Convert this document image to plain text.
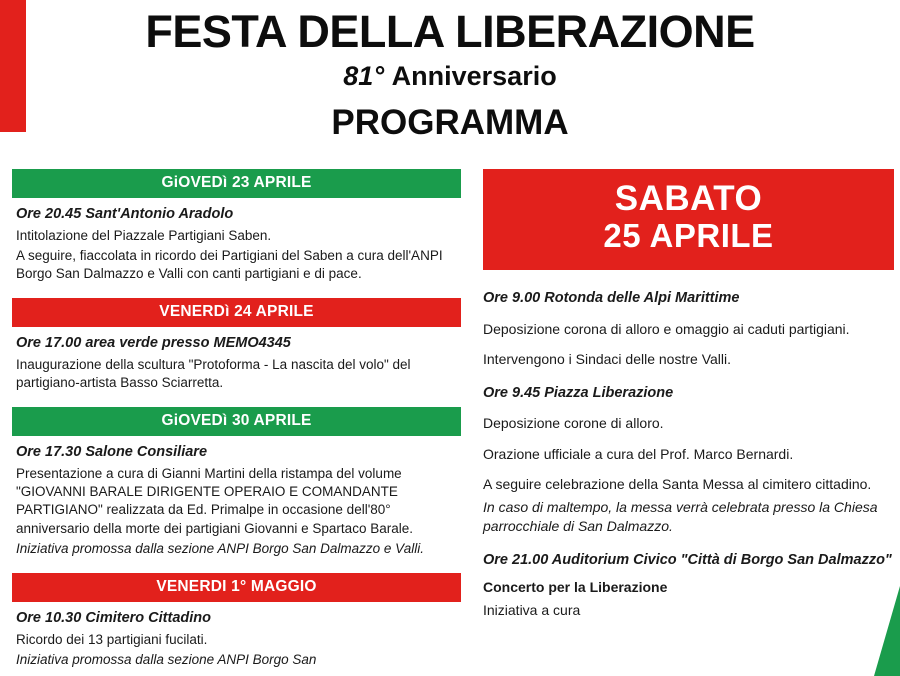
FESTA DELLA LIBERAZIONE
81° Anniversario
PROGRAMMA
GiOVEDì 23 APRILE
Ore 20.45 Sant'Antonio Aradolo

Intitolazione del Piazzale Partigiani Saben.

A seguire, fiaccolata in ricordo dei Partigiani del Saben a cura dell'ANPI Borgo San Dalmazzo e Valli con canti partigiani e di pace.

VENERDì 24 APRILE
Ore 17.00 area verde presso MEMO4345

Inaugurazione della scultura "Protoforma - La nascita del volo" del partigiano-artista Basso Sciarretta.

GiOVEDì 30 APRILE
Ore 17.30 Salone Consiliare

Presentazione a cura di Gianni Martini della ristampa del volume "GIOVANNI BARALE DIRIGENTE OPERAIO E COMANDANTE PARTIGIANO" realizzata da Ed. Primalpe in occasione dell'80° anniversario della morte dei partigiani Giovanni e Spartaco Barale.

Iniziativa promossa dalla sezione ANPI Borgo San Dalmazzo e Valli.

VENERDI 1° MAGGIO
Ore 10.30 Cimitero Cittadino

Ricordo dei 13 partigiani fucilati.

Iniziativa promossa dalla sezione ANPI Borgo San

SABATO
25 APRILE
Ore 9.00 Rotonda delle Alpi Marittime

Deposizione corona di alloro e omaggio ai caduti partigiani.

Intervengono i Sindaci delle nostre Valli.

Ore 9.45 Piazza Liberazione

Deposizione corone di alloro.

Orazione ufficiale a cura del Prof. Marco Bernardi.

A seguire celebrazione della Santa Messa al cimitero cittadino.

In caso di maltempo, la messa verrà celebrata presso la Chiesa parrocchiale di San Dalmazzo.

Ore 21.00 Auditorium Civico "Città di Borgo San Dalmazzo"

Concerto per la Liberazione

Iniziativa a cura
